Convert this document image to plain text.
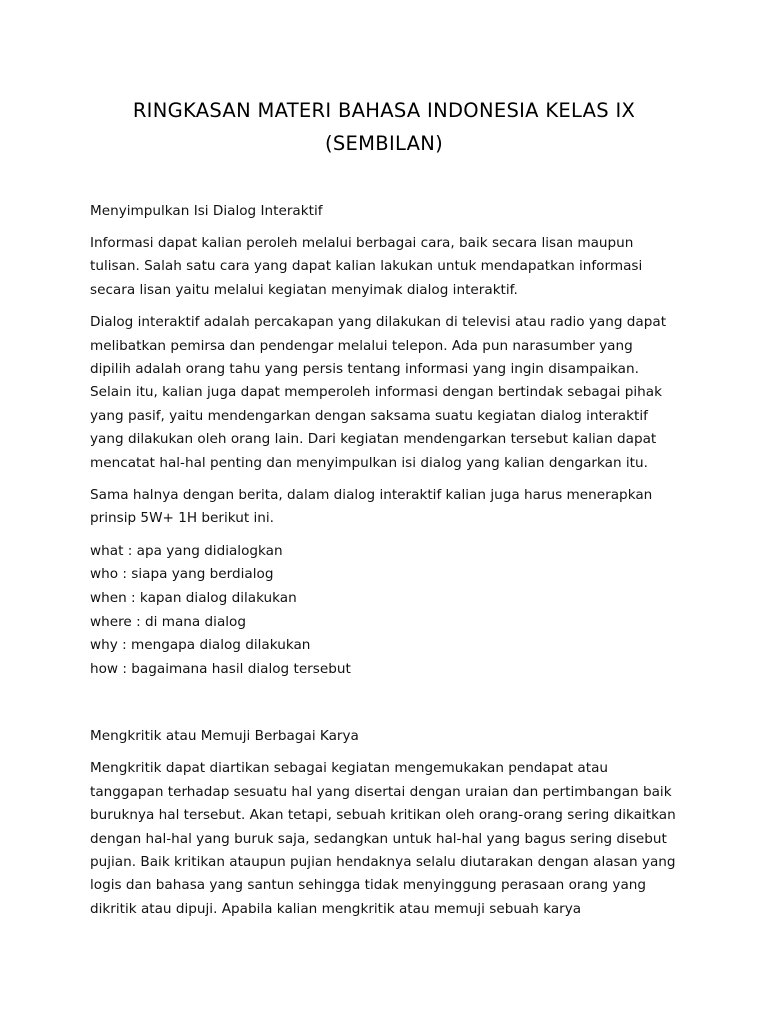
RINGKASAN MATERI BAHASA INDONESIA KELAS IX
(SEMBILAN)

Menyimpulkan Isi Dialog Interaktif

Informasi dapat kalian peroleh melalui berbagai cara, baik secara lisan maupun tulisan. Salah satu cara yang dapat kalian lakukan untuk mendapatkan informasi secara lisan yaitu melalui kegiatan menyimak dialog interaktif.

Dialog interaktif adalah percakapan yang dilakukan di televisi atau radio yang dapat melibatkan pemirsa dan pendengar melalui telepon. Ada pun narasumber yang dipilih adalah orang tahu yang persis tentang informasi yang ingin disampaikan. Selain itu, kalian juga dapat memperoleh informasi dengan bertindak sebagai pihak yang pasif, yaitu mendengarkan dengan saksama suatu kegiatan dialog interaktif yang dilakukan oleh orang lain. Dari kegiatan mendengarkan tersebut kalian dapat mencatat hal-hal penting dan menyimpulkan isi dialog yang kalian dengarkan itu.

Sama halnya dengan berita, dalam dialog interaktif kalian juga harus menerapkan prinsip 5W+ 1H berikut ini.

what : apa yang didialogkan
who : siapa yang berdialog
when : kapan dialog dilakukan
where : di mana dialog
why : mengapa dialog dilakukan
how : bagaimana hasil dialog tersebut

Mengkritik atau Memuji Berbagai Karya

Mengkritik dapat diartikan sebagai kegiatan mengemukakan pendapat atau tanggapan terhadap sesuatu hal yang disertai dengan uraian dan pertimbangan baik buruknya hal tersebut. Akan tetapi, sebuah kritikan oleh orang-orang sering dikaitkan dengan hal-hal yang buruk saja, sedangkan untuk hal-hal yang bagus sering disebut pujian. Baik kritikan ataupun pujian hendaknya selalu diutarakan dengan alasan yang logis dan bahasa yang santun sehingga tidak menyinggung perasaan orang yang dikritik atau dipuji. Apabila kalian mengkritik atau memuji sebuah karya
